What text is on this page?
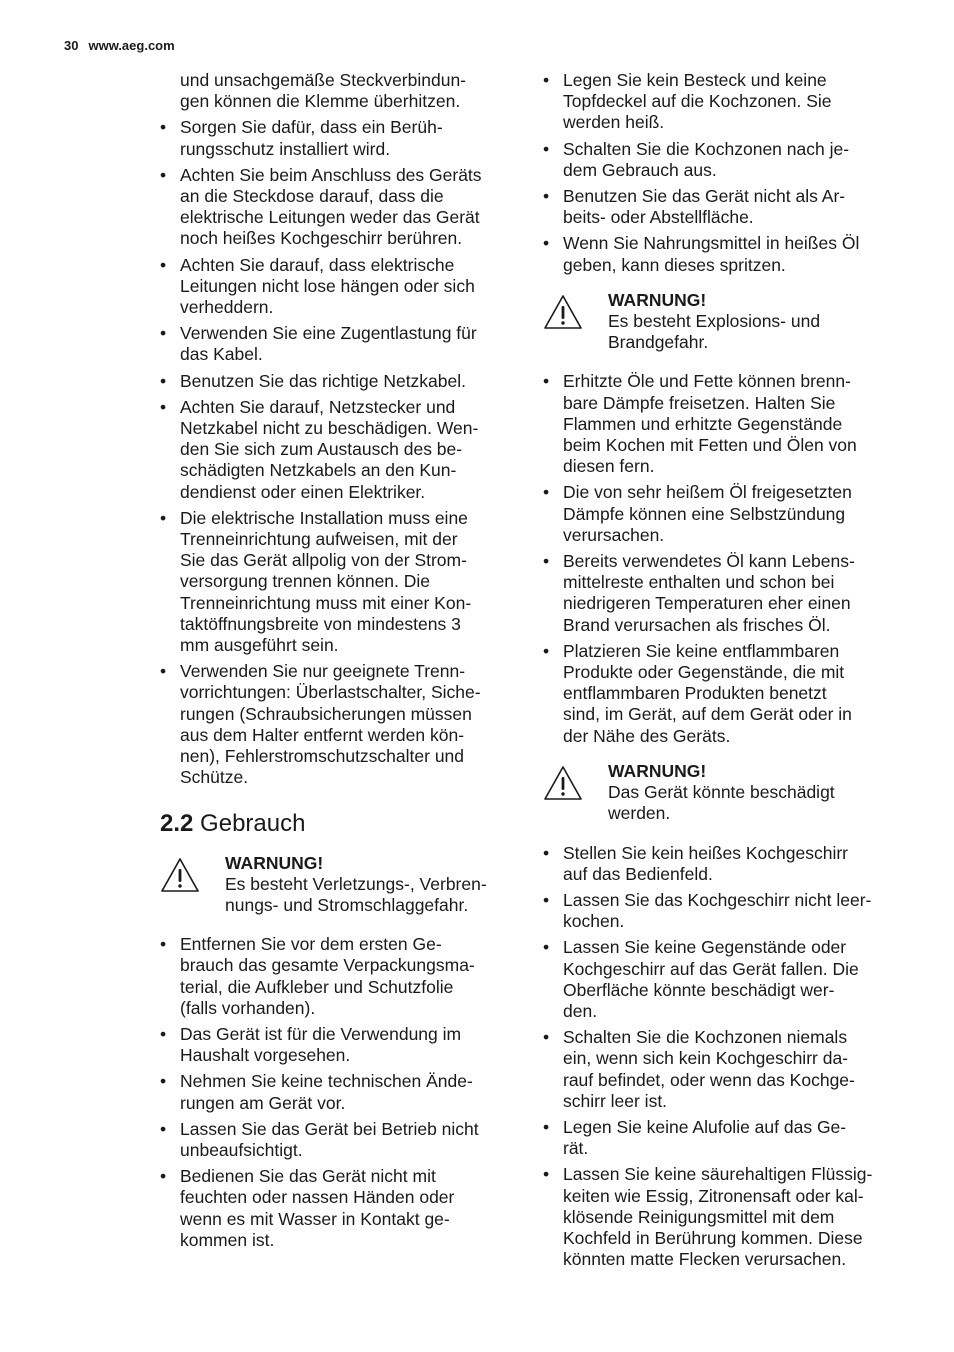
30 www.aeg.com
und unsachgemäße Steckverbindun-
gen können die Klemme überhitzen.
• Sorgen Sie dafür, dass ein Berüh-
rungsschutz installiert wird.
• Achten Sie beim Anschluss des Geräts
an die Steckdose darauf, dass die
elektrische Leitungen weder das Gerät
noch heißes Kochgeschirr berühren.
• Achten Sie darauf, dass elektrische
Leitungen nicht lose hängen oder sich
verheddern.
• Verwenden Sie eine Zugentlastung für
das Kabel.
• Benutzen Sie das richtige Netzkabel.
• Achten Sie darauf, Netzstecker und
Netzkabel nicht zu beschädigen. Wen-
den Sie sich zum Austausch des be-
schädigten Netzkabels an den Kun-
dendienst oder einen Elektriker.
• Die elektrische Installation muss eine
Trenneinrichtung aufweisen, mit der
Sie das Gerät allpolig von der Strom-
versorgung trennen können. Die
Trenneinrichtung muss mit einer Kon-
taktöffnungsbreite von mindestens 3
mm ausgeführt sein.
• Verwenden Sie nur geeignete Trenn-
vorrichtungen: Überlastschalter, Siche-
rungen (Schraubsicherungen müssen
aus dem Halter entfernt werden kön-
nen), Fehlerstromschutzschalter und
Schütze.
2.2 Gebrauch
WARNUNG!
Es besteht Verletzungs-, Verbren-
nungs- und Stromschlaggefahr.
• Entfernen Sie vor dem ersten Ge-
brauch das gesamte Verpackungsma-
terial, die Aufkleber und Schutzfolie
(falls vorhanden).
• Das Gerät ist für die Verwendung im
Haushalt vorgesehen.
• Nehmen Sie keine technischen Ände-
rungen am Gerät vor.
• Lassen Sie das Gerät bei Betrieb nicht
unbeaufsichtigt.
• Bedienen Sie das Gerät nicht mit
feuchten oder nassen Händen oder
wenn es mit Wasser in Kontakt ge-
kommen ist.
• Legen Sie kein Besteck und keine
Topfdeckel auf die Kochzonen. Sie
werden heiß.
• Schalten Sie die Kochzonen nach je-
dem Gebrauch aus.
• Benutzen Sie das Gerät nicht als Ar-
beits- oder Abstellfläche.
• Wenn Sie Nahrungsmittel in heißes Öl
geben, kann dieses spritzen.
WARNUNG!
Es besteht Explosions- und
Brandgefahr.
• Erhitzte Öle und Fette können brenn-
bare Dämpfe freisetzen. Halten Sie
Flammen und erhitzte Gegenstände
beim Kochen mit Fetten und Ölen von
diesen fern.
• Die von sehr heißem Öl freigesetzten
Dämpfe können eine Selbstzündung
verursachen.
• Bereits verwendetes Öl kann Lebens-
mittelreste enthalten und schon bei
niedrigeren Temperaturen eher einen
Brand verursachen als frisches Öl.
• Platzieren Sie keine entflammbaren
Produkte oder Gegenstände, die mit
entflammbaren Produkten benetzt
sind, im Gerät, auf dem Gerät oder in
der Nähe des Geräts.
WARNUNG!
Das Gerät könnte beschädigt
werden.
• Stellen Sie kein heißes Kochgeschirr
auf das Bedienfeld.
• Lassen Sie das Kochgeschirr nicht leer-
kochen.
• Lassen Sie keine Gegenstände oder
Kochgeschirr auf das Gerät fallen. Die
Oberfläche könnte beschädigt wer-
den.
• Schalten Sie die Kochzonen niemals
ein, wenn sich kein Kochgeschirr da-
rauf befindet, oder wenn das Kochge-
schirr leer ist.
• Legen Sie keine Alufolie auf das Ge-
rät.
• Lassen Sie keine säurehaltigen Flüssig-
keiten wie Essig, Zitronensaft oder kal-
klösende Reinigungsmittel mit dem
Kochfeld in Berührung kommen. Diese
könnten matte Flecken verursachen.
